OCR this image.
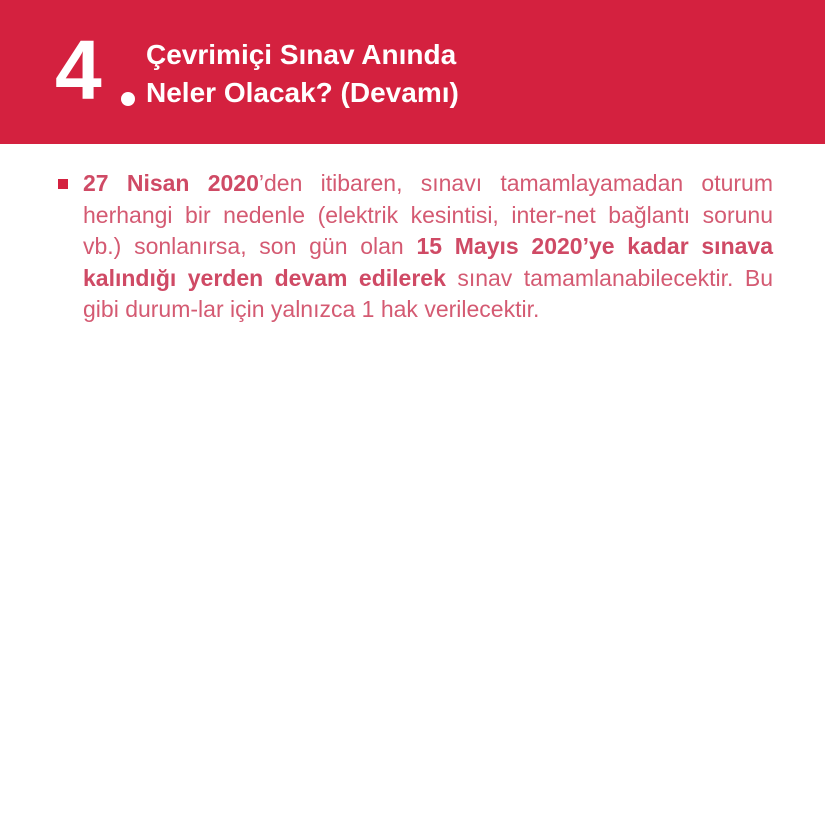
4 Çevrimiçi Sınav Anında
Neler Olacak? (Devamı)
27 Nisan 2020’den itibaren, sınavı tamamlayamadan oturum herhangi bir nedenle (elektrik kesintisi, inter-net bağlantı sorunu vb.) sonlanırsa, son gün olan 15 Mayıs 2020’ye kadar sınava kalındığı yerden devam edilerek sınav tamamlanabilecektir. Bu gibi durum-lar için yalnızca 1 hak verilecektir.
